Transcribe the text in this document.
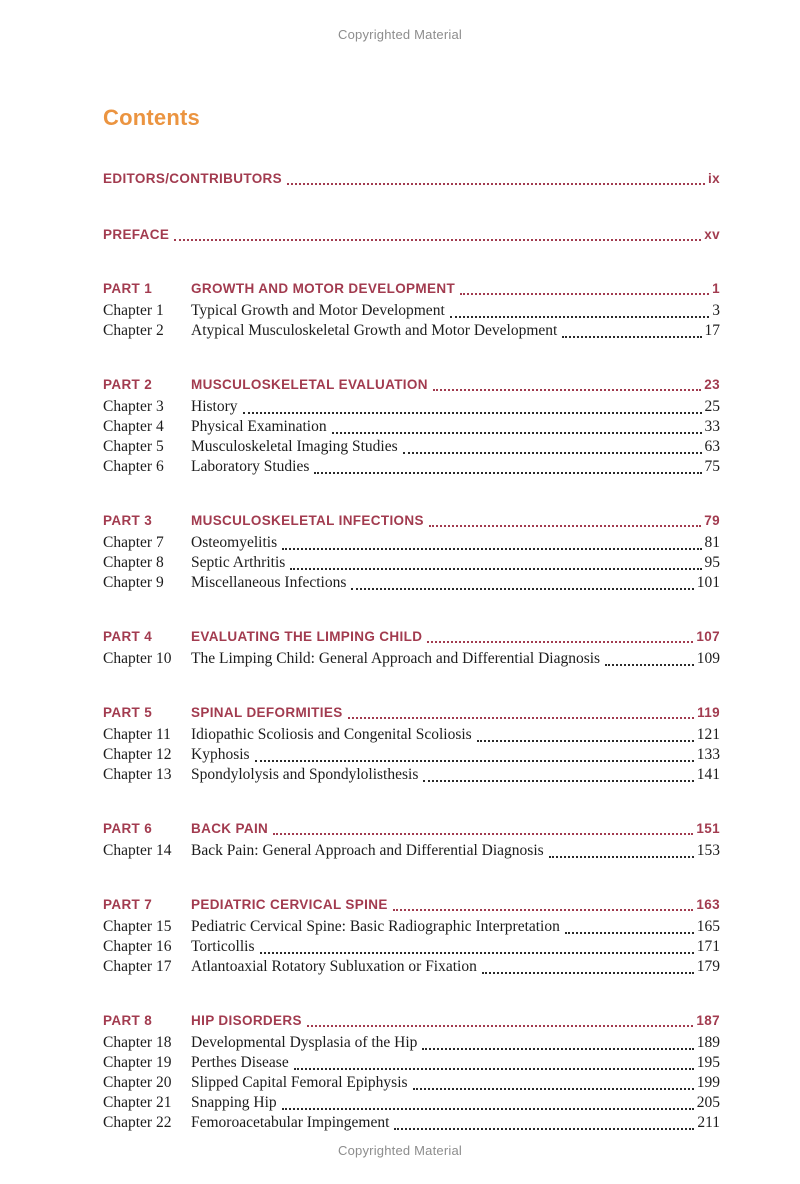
Copyrighted Material
Contents
EDITORS/CONTRIBUTORS	ix
PREFACE	xv
PART 1	GROWTH AND MOTOR DEVELOPMENT	1
Chapter 1	Typical Growth and Motor Development	3
Chapter 2	Atypical Musculoskeletal Growth and Motor Development	17
PART 2	MUSCULOSKELETAL EVALUATION	23
Chapter 3	History	25
Chapter 4	Physical Examination	33
Chapter 5	Musculoskeletal Imaging Studies	63
Chapter 6	Laboratory Studies	75
PART 3	MUSCULOSKELETAL INFECTIONS	79
Chapter 7	Osteomyelitis	81
Chapter 8	Septic Arthritis	95
Chapter 9	Miscellaneous Infections	101
PART 4	EVALUATING THE LIMPING CHILD	107
Chapter 10	The Limping Child: General Approach and Differential Diagnosis	109
PART 5	SPINAL DEFORMITIES	119
Chapter 11	Idiopathic Scoliosis and Congenital Scoliosis	121
Chapter 12	Kyphosis	133
Chapter 13	Spondylolysis and Spondylolisthesis	141
PART 6	BACK PAIN	151
Chapter 14	Back Pain: General Approach and Differential Diagnosis	153
PART 7	PEDIATRIC CERVICAL SPINE	163
Chapter 15	Pediatric Cervical Spine: Basic Radiographic Interpretation	165
Chapter 16	Torticollis	171
Chapter 17	Atlantoaxial Rotatory Subluxation or Fixation	179
PART 8	HIP DISORDERS	187
Chapter 18	Developmental Dysplasia of the Hip	189
Chapter 19	Perthes Disease	195
Chapter 20	Slipped Capital Femoral Epiphysis	199
Chapter 21	Snapping Hip	205
Chapter 22	Femoroacetabular Impingement	211
Copyrighted Material
